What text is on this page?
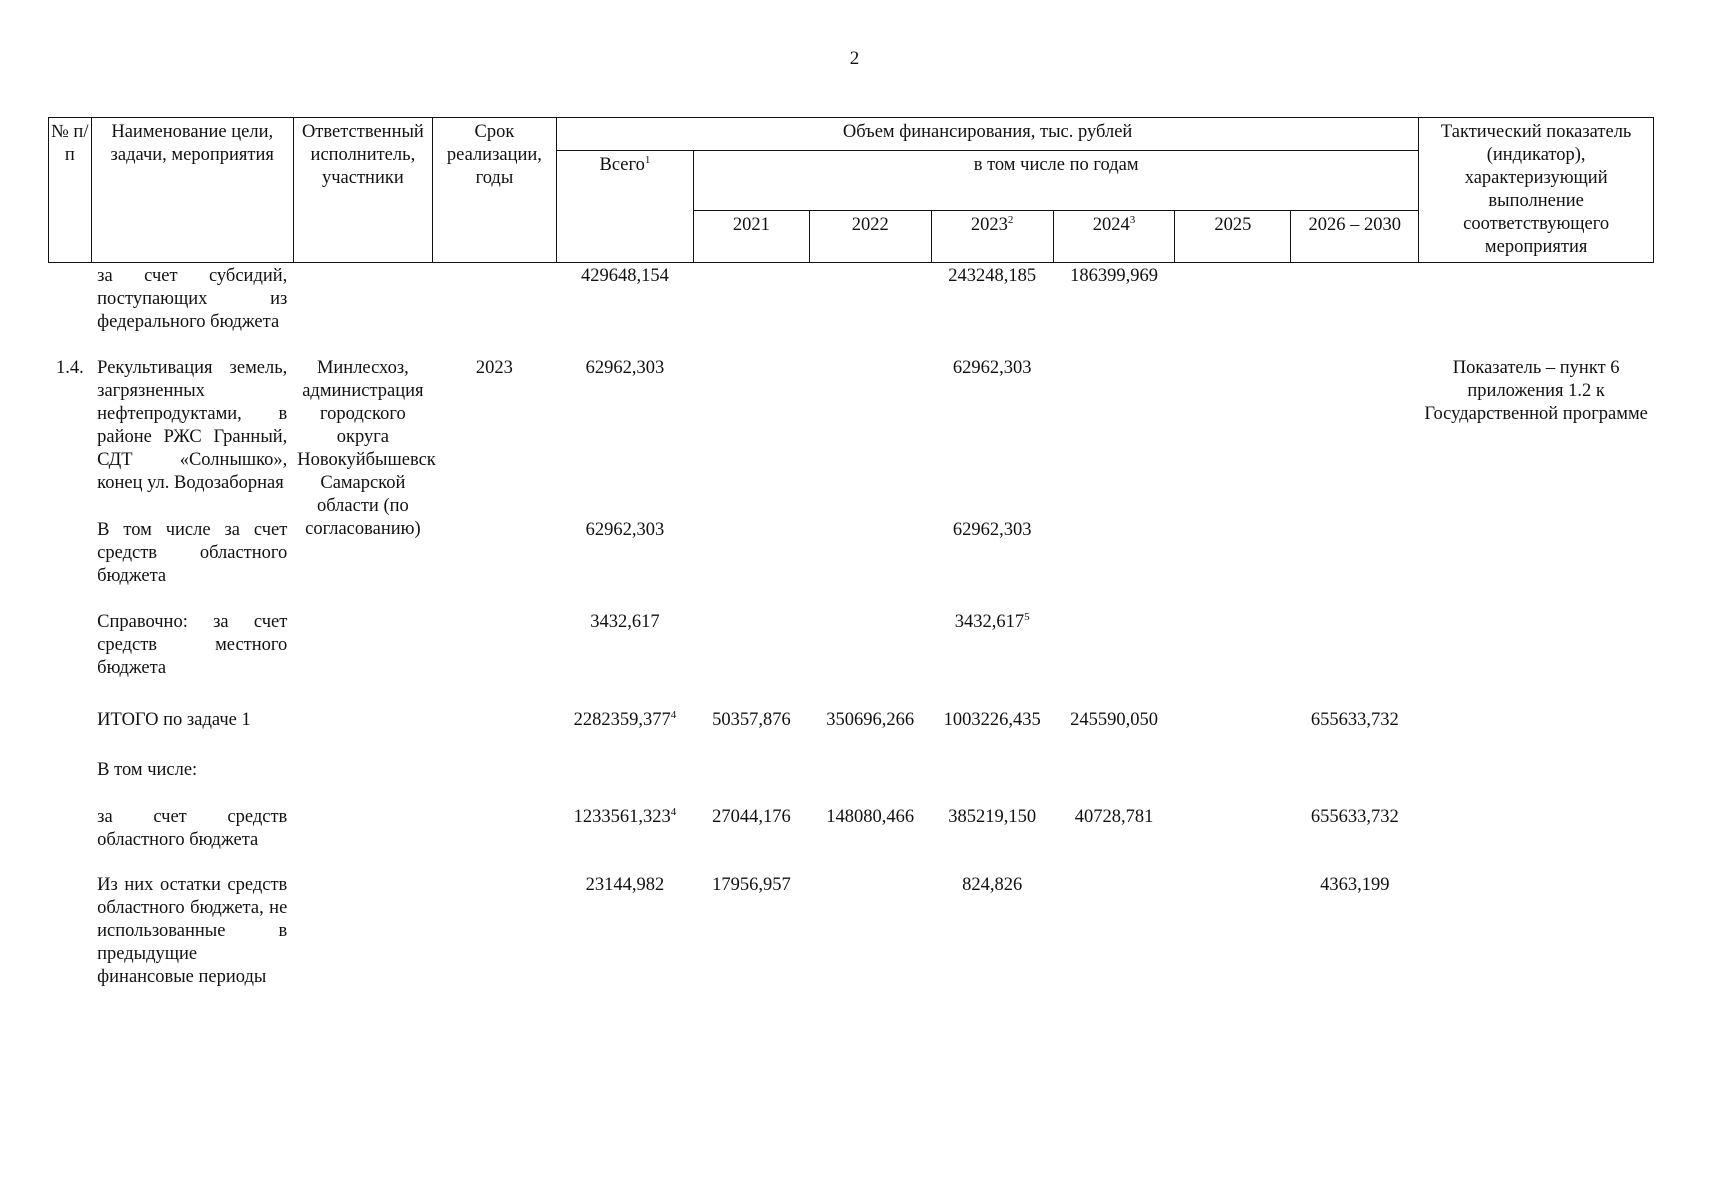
2
№ п/п	Наименование цели, задачи, мероприятия	Ответственный исполнитель, участники	Срок реализации, годы	Объем финансирования, тыс. рублей							Тактический показатель (индикатор), характеризующий выполнение соответствующего мероприятия
				Всего$^1$	в том числе по годам						
					2021	2022	2023$^2$	2024$^3$	2025	2026 – 2030	
	за счет субсидий, поступающих из федерального бюджета			429648,154			243248,185	186399,969			
1.4.	Рекультивация земель, загрязненных нефтепродуктами, в районе РЖС Гранный, СДТ «Солнышко», конец ул. Водозаборная	Минлесхоз, администрация городского округа Новокуйбышевск Самарской области (по согласованию)	2023	62962,303			62962,303				Показатель – пункт 6 приложения 1.2 к Государственной программе
	В том числе за счет средств областного бюджета			62962,303			62962,303				
	Справочно: за счет средств местного бюджета			3432,617			3432,617$^5$				
	ИТОГО по задаче 1			2282359,377$^4$	50357,876	350696,266	1003226,435	245590,050		655633,732	
	В том числе:										
	за счет средств областного бюджета			1233561,323$^4$	27044,176	148080,466	385219,150	40728,781		655633,732	
	Из них остатки средств областного бюджета, не использованные в предыдущие финансовые периоды			23144,982	17956,957		824,826			4363,199	
